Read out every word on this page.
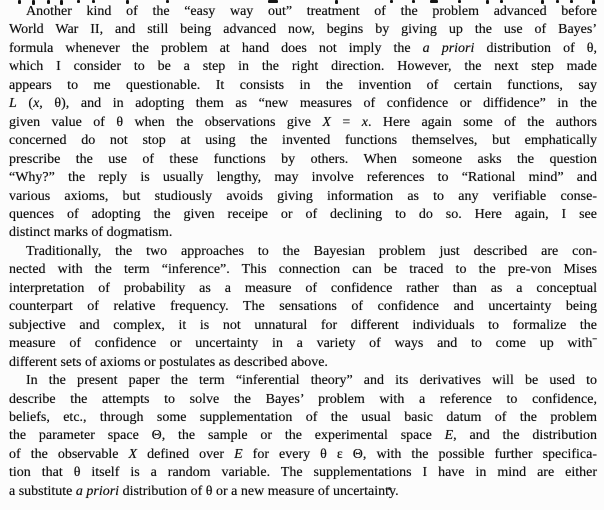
Another kind of the “easy way out” treatment of the problem advanced before
World War II, and still being advanced now, begins by giving up the use of Bayes’
formula whenever the problem at hand does not imply the a priori distribution of θ,
which I consider to be a step in the right direction. However, the next step made
appears to me questionable. It consists in the invention of certain functions, say
L (x, θ), and in adopting them as “new measures of confidence or diffidence” in the
given value of θ when the observations give X = x. Here again some of the authors
concerned do not stop at using the invented functions themselves, but emphatically
prescribe the use of these functions by others. When someone asks the question
“Why?” the reply is usually lengthy, may involve references to “Rational mind” and
various axioms, but studiously avoids giving information as to any verifiable conse-
quences of adopting the given receipe or of declining to do so. Here again, I see
distinct marks of dogmatism.
Traditionally, the two approaches to the Bayesian problem just described are con-
nected with the term “inference”. This connection can be traced to the pre-von Mises
interpretation of probability as a measure of confidence rather than as a conceptual
counterpart of relative frequency. The sensations of confidence and uncertainty being
subjective and complex, it is not unnatural for different individuals to formalize the
measure of confidence or uncertainty in a variety of ways and to come up withˉ
different sets of axioms or postulates as described above.
In the present paper the term “inferential theory” and its derivatives will be used to
describe the attempts to solve the Bayes’ problem with a reference to confidence,
beliefs, etc., through some supplementation of the usual basic datum of the problem
the parameter space Θ, the sample or the experimental space E, and the distribution
of the observable X defined over E for every θ ε Θ, with the possible further specifica-
tion that θ itself is a random variable. The supplementations I have in mind are either
a substitute a priori distribution of θ or a new measure of uncertainty.
